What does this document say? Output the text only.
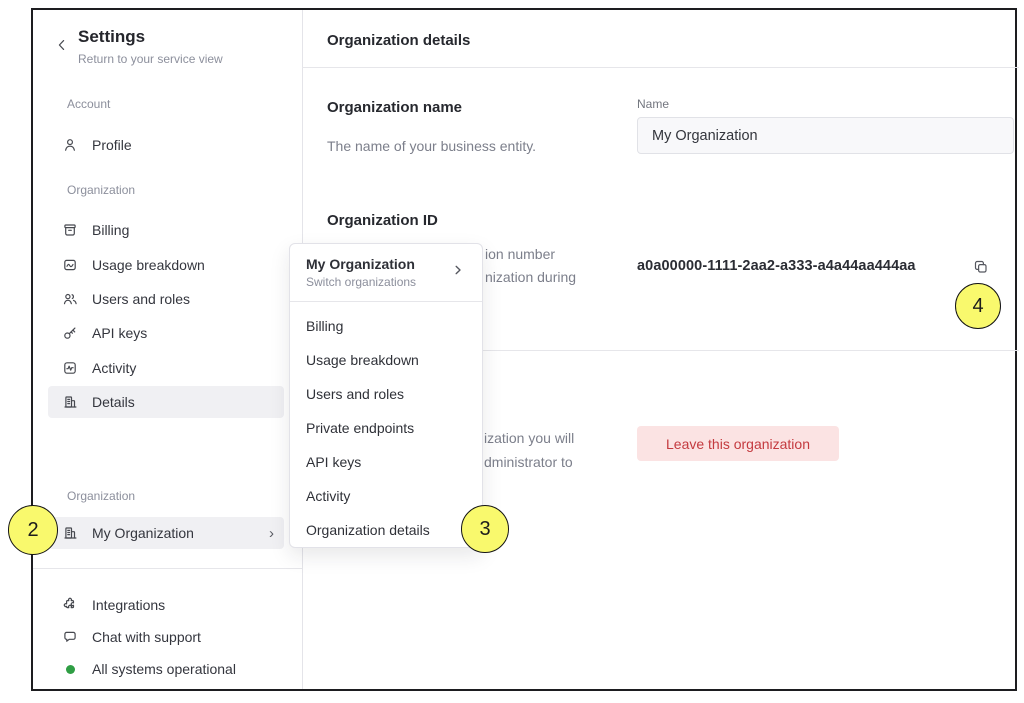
Settings
Return to your service view
Account
Profile
Organization
Billing
Usage breakdown
Users and roles
API keys
Activity
Details
Organization
My Organization	›
Integrations
Chat with support
All systems operational
Organization details
Organization name
The name of your business entity.
Name
My Organization
Organization ID
ion number
nization during
a0a00000-1111-2aa2-a333-a4a44aa444aa
ization you will
dministrator to
Leave this organization
My Organization
Switch organizations
Billing
Usage breakdown
Users and roles
Private endpoints
API keys
Activity
Organization details
2	3
4
